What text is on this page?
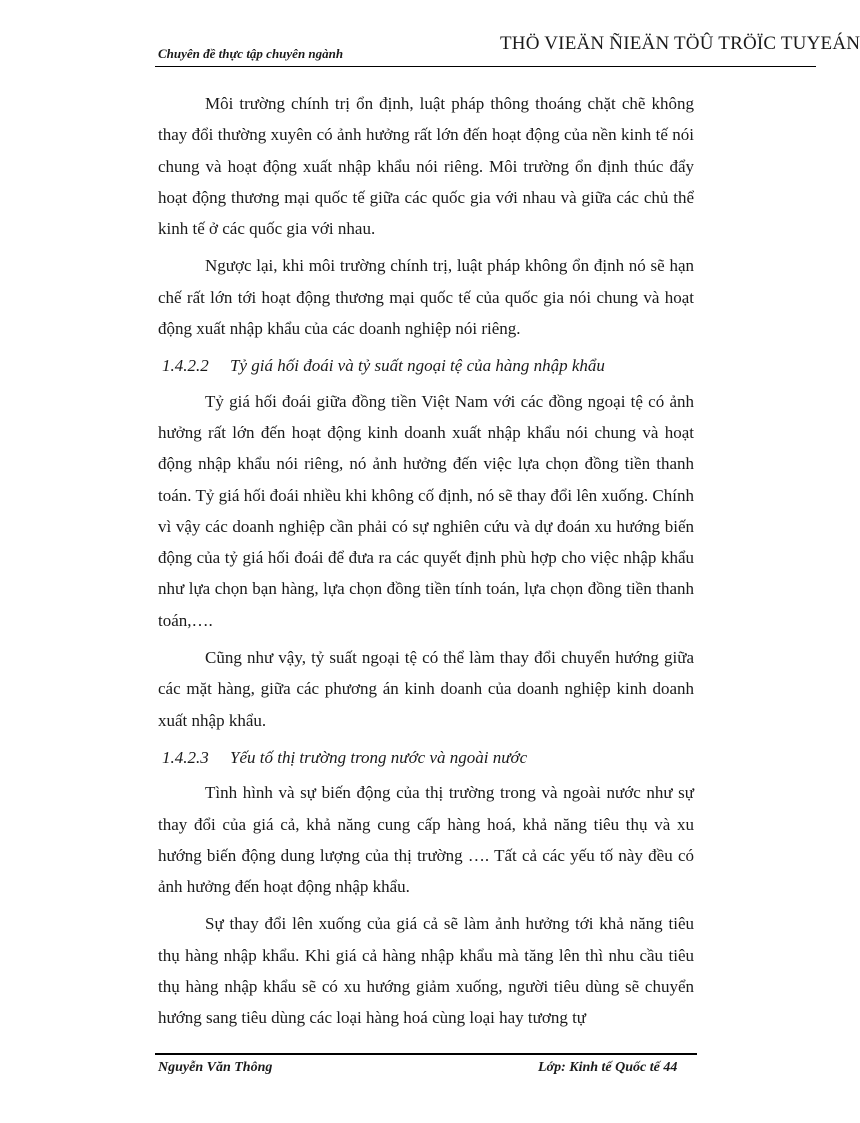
Chuyên đề thực tập chuyên ngành	THÖ VIEÄN ÑIEÄN TÖÛ TRÖÏC TUYEÁN

Môi trường chính trị ổn định, luật pháp thông thoáng chặt chẽ không thay đổi thường xuyên có ảnh hưởng rất lớn đến hoạt động của nền kinh tế nói chung và hoạt động xuất nhập khẩu nói riêng. Môi trường ổn định thúc đẩy hoạt động thương mại quốc tế giữa các quốc gia với nhau và giữa các chủ thể kinh tế ở các quốc gia với nhau.

Ngược lại, khi môi trường chính trị, luật pháp không ổn định nó sẽ hạn chế rất lớn tới hoạt động thương mại quốc tế của quốc gia nói chung và hoạt động xuất nhập khẩu của các doanh nghiệp nói riêng.

1.4.2.2 Tỷ giá hối đoái và tỷ suất ngoại tệ của hàng nhập khẩu

Tỷ giá hối đoái giữa đồng tiền Việt Nam với các đồng ngoại tệ có ảnh hưởng rất lớn đến hoạt động kinh doanh xuất nhập khẩu nói chung và hoạt động nhập khẩu nói riêng, nó ảnh hưởng đến việc lựa chọn đồng tiền thanh toán. Tỷ giá hối đoái nhiều khi không cố định, nó sẽ thay đổi lên xuống. Chính vì vậy các doanh nghiệp cần phải có sự nghiên cứu và dự đoán xu hướng biến động của tỷ giá hối đoái để đưa ra các quyết định phù hợp cho việc nhập khẩu như lựa chọn bạn hàng, lựa chọn đồng tiền tính toán, lựa chọn đồng tiền thanh toán,….

Cũng như vậy, tỷ suất ngoại tệ có thể làm thay đổi chuyển hướng giữa các mặt hàng, giữa các phương án kinh doanh của doanh nghiệp kinh doanh xuất nhập khẩu.

1.4.2.3 Yếu tố thị trường trong nước và ngoài nước

Tình hình và sự biến động của thị trường trong và ngoài nước như sự thay đổi của giá cả, khả năng cung cấp hàng hoá, khả năng tiêu thụ và xu hướng biến động dung lượng của thị trường …. Tất cả các yếu tố này đều có ảnh hưởng đến hoạt động nhập khẩu.

Sự thay đổi lên xuống của giá cả sẽ làm ảnh hưởng tới khả năng tiêu thụ hàng nhập khẩu. Khi giá cả hàng nhập khẩu mà tăng lên thì nhu cầu tiêu thụ hàng nhập khẩu sẽ có xu hướng giảm xuống, người tiêu dùng sẽ chuyển hướng sang tiêu dùng các loại hàng hoá cùng loại hay tương tự

Nguyễn Văn Thông	Lớp: Kinh tế Quốc tế 44
